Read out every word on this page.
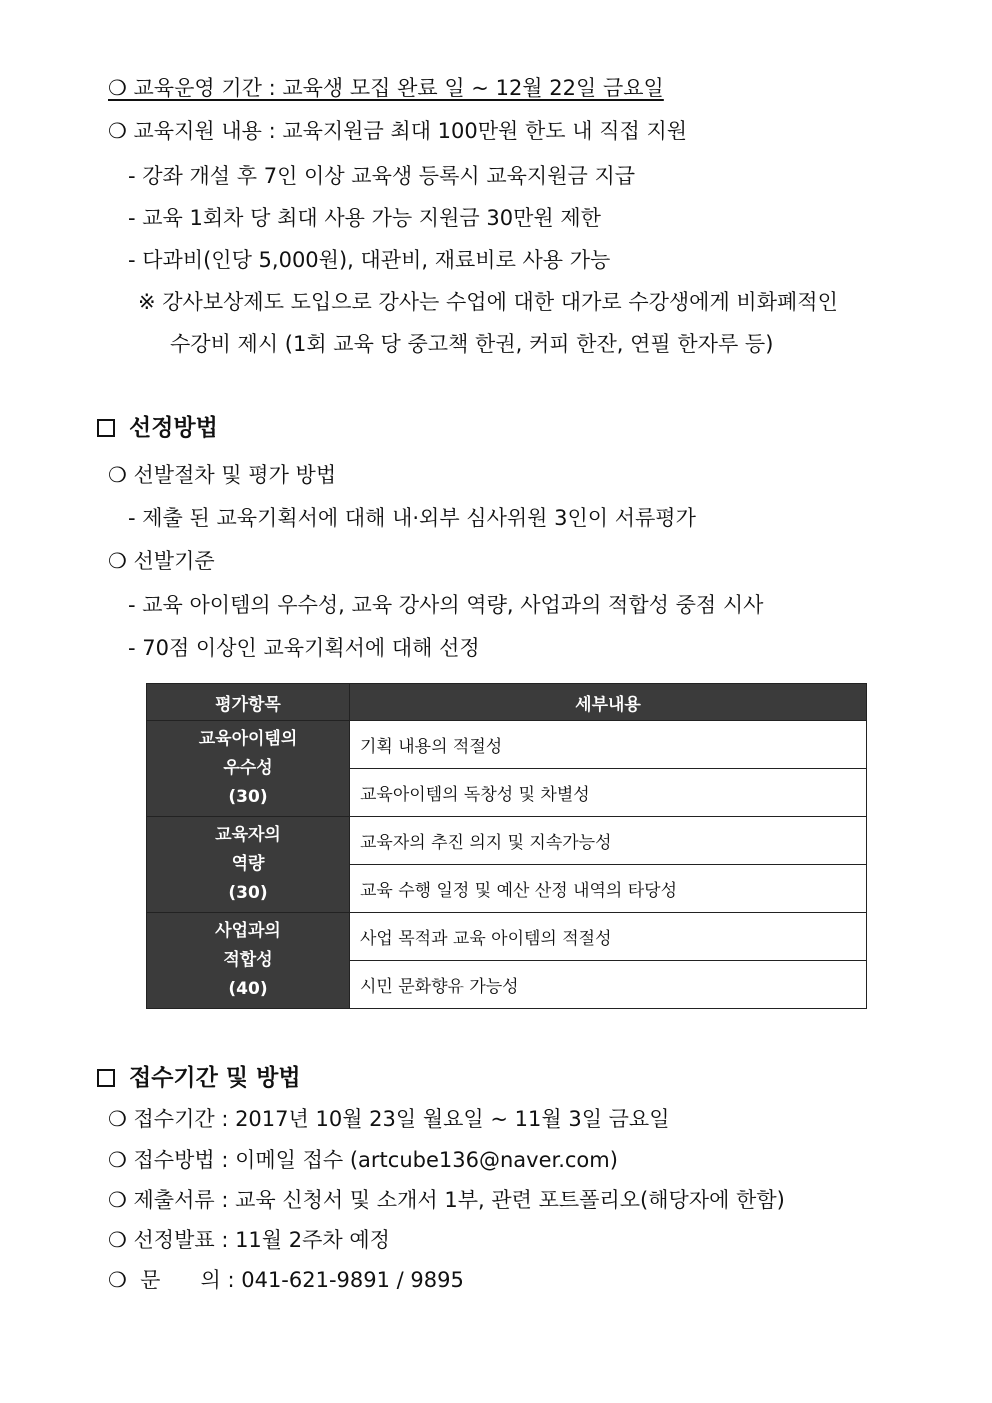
❍ 교육운영 기간 : 교육생 모집 완료 일 ~ 12월 22일 금요일
❍ 교육지원 내용 : 교육지원금 최대 100만원 한도 내 직접 지원
- 강좌 개설 후 7인 이상 교육생 등록시 교육지원금 지급
- 교육 1회차 당 최대 사용 가능 지원금 30만원 제한
- 다과비(인당 5,000원), 대관비, 재료비로 사용 가능
※ 강사보상제도 도입으로 강사는 수업에 대한 대가로 수강생에게 비화폐적인
수강비 제시 (1회 교육 당 중고책 한권, 커피 한잔, 연필 한자루 등)
선정방법
❍ 선발절차 및 평가 방법
- 제출 된 교육기획서에 대해 내·외부 심사위원 3인이 서류평가
❍ 선발기준
- 교육 아이템의 우수성, 교육 강사의 역량, 사업과의 적합성 중점 시사
- 70점 이상인 교육기획서에 대해 선정
평가항목	세부내용

교육아이템의
우수성
(30)	기획 내용의 적절성
	교육아이템의 독창성 및 차별성

교육자의
역량
(30)	교육자의 추진 의지 및 지속가능성
	교육 수행 일정 및 예산 산정 내역의 타당성

사업과의
적합성
(40)	사업 목적과 교육 아이템의 적절성
	시민 문화향유 가능성
접수기간 및 방법
❍ 접수기간 : 2017년 10월 23일 월요일 ~ 11월 3일 금요일
❍ 접수방법 : 이메일 접수 (artcube136@naver.com)
❍ 제출서류 : 교육 신청서 및 소개서 1부, 관련 포트폴리오(해당자에 한함)
❍ 선정발표 : 11월 2주차 예정
❍  문      의 : 041-621-9891 / 9895
